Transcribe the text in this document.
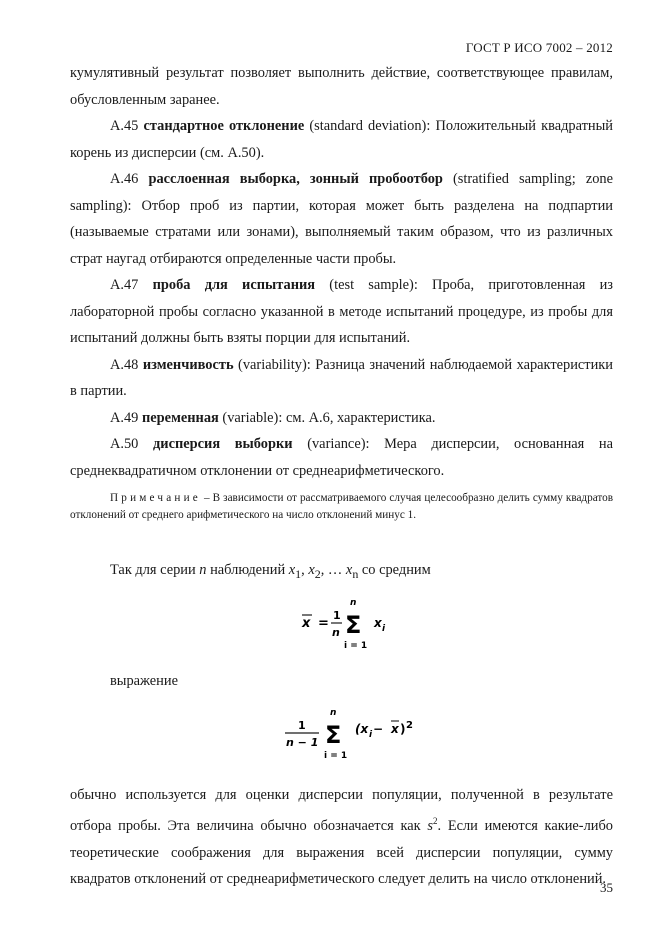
ГОСТ Р ИСО 7002 – 2012

кумулятивный результат позволяет выполнить действие, соответствующее правилам, обусловленным заранее.

А.45 стандартное отклонение (standard deviation): Положительный квадратный корень из дисперсии (см. А.50).

А.46 расслоенная выборка, зонный пробоотбор (stratified sampling; zone sampling): Отбор проб из партии, которая может быть разделена на подпартии (называемые стратами или зонами), выполняемый таким образом, что из различных страт наугад отбираются определенные части пробы.

А.47 проба для испытания (test sample): Проба, приготовленная из лабораторной пробы согласно указанной в методе испытаний процедуре, из пробы для испытаний должны быть взяты порции для испытаний.

А.48 изменчивость (variability): Разница значений наблюдаемой характеристики в партии.

А.49 переменная (variable): см. А.6, характеристика.

А.50 дисперсия выборки (variance): Мера дисперсии, основанная на среднеквадратичном отклонении от среднеарифметического.

Примечание – В зависимости от рассматриваемого случая целесообразно делить сумму квадратов отклонений от среднего арифметического на число отклонений минус 1.

Так для серии n наблюдений $x_1$, $x_2$, … $x_n$ со средним

x =
1
n
n
Σ
i = 1
x i

выражение

1
n − 1
n
Σ
i = 1
(x i − x ) 2

обычно используется для оценки дисперсии популяции, полученной в результате отбора пробы. Эта величина обычно обозначается как $s^2$. Если имеются какие-либо теоретические соображения для выражения всей дисперсии популяции, сумму квадратов отклонений от среднеарифметического следует делить на число отклонений.

35
